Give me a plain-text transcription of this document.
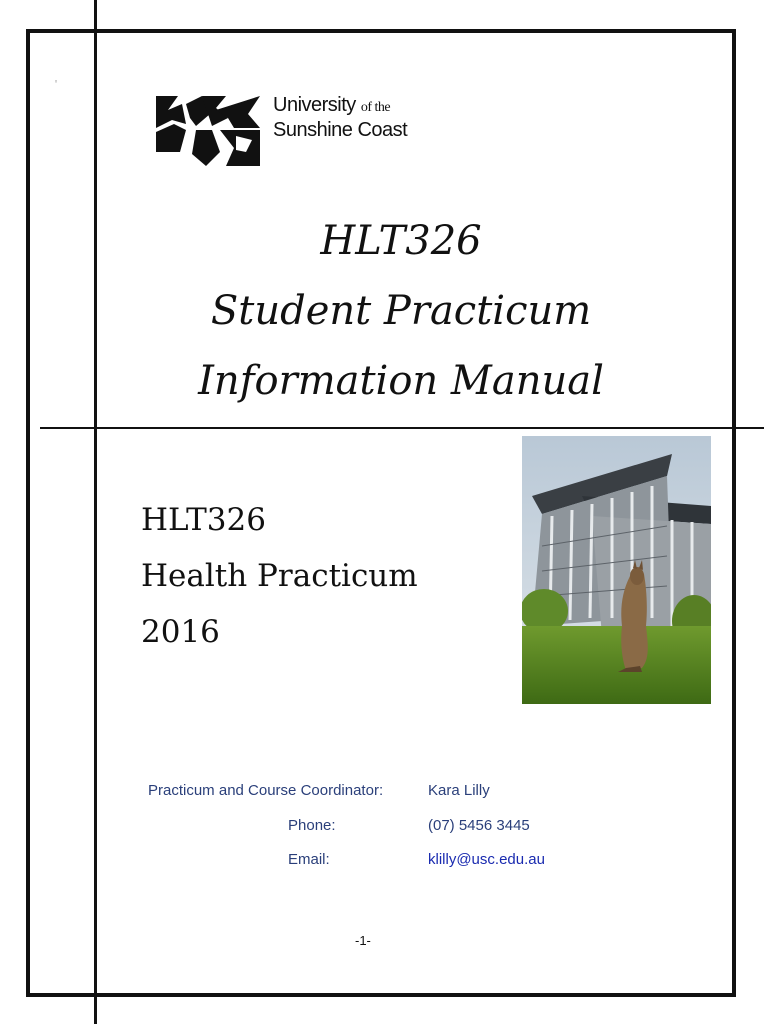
◦
University of the
Sunshine Coast
HLT326
Student Practicum
Information Manual
HLT326
Health Practicum
2016
Practicum and Course Coordinator:	Kara Lilly
Phone:	(07) 5456 3445
Email:	klilly@usc.edu.au
-1-
